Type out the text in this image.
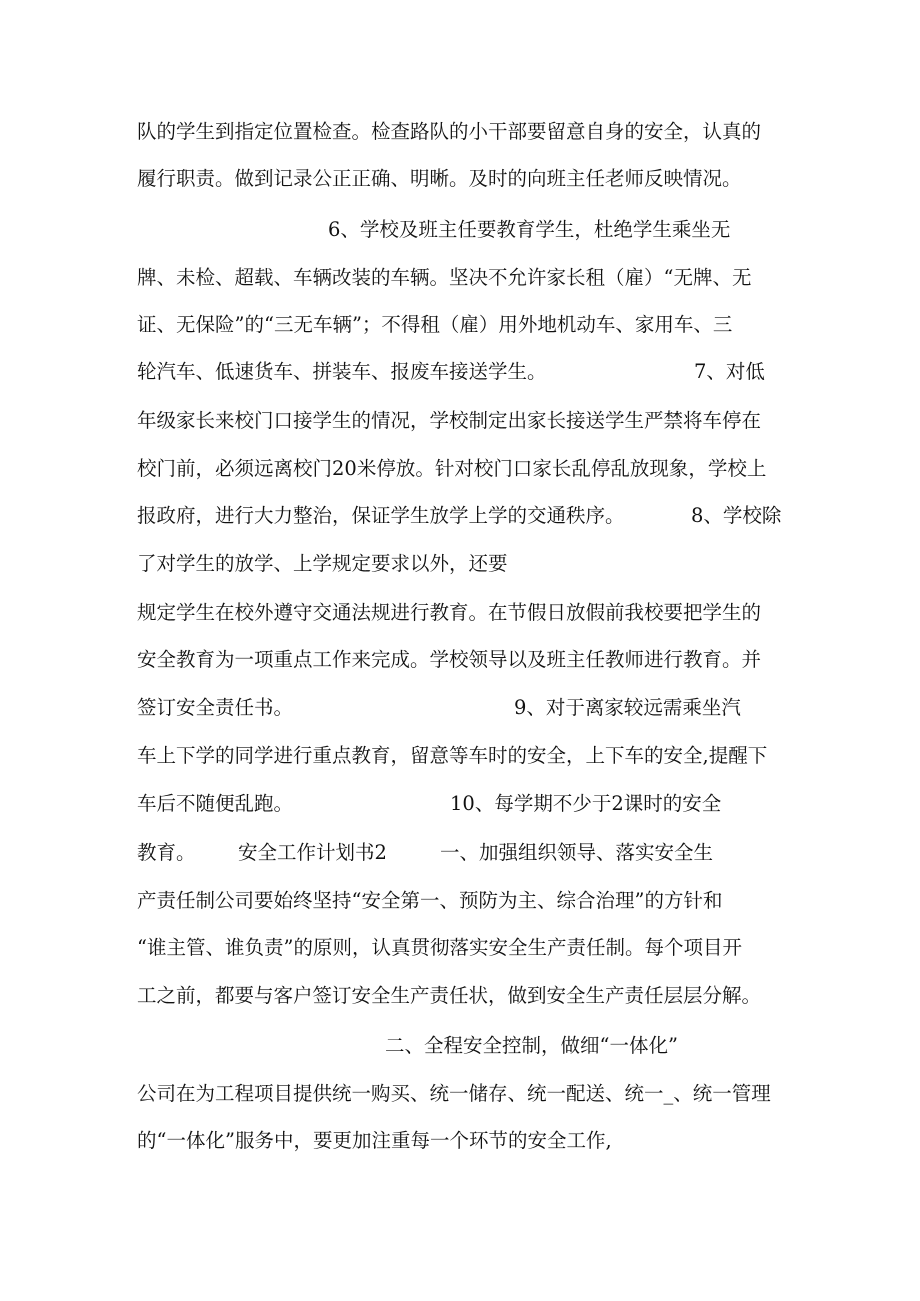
队的学生到指定位置检查。检查路队的小干部要留意自身的安全，认真的

履行职责。做到记录公正正确、明晰。及时的向班主任老师反映情况。

6、学校及班主任要教育学生，杜绝学生乘坐无

牌、未检、超载、车辆改装的车辆。坚决不允许家长租（雇）“无牌、无

证、无保险”的“三无车辆”；不得租（雇）用外地机动车、家用车、三

轮汽车、低速货车、拼装车、报废车接送学生。	7、对低

年级家长来校门口接学生的情况，学校制定出家长接送学生严禁将车停在

校门前，必须远离校门20米停放。针对校门口家长乱停乱放现象，学校上

报政府，进行大力整治，保证学生放学上学的交通秩序。	8、学校除

了对学生的放学、上学规定要求以外，还要

规定学生在校外遵守交通法规进行教育。在节假日放假前我校要把学生的

安全教育为一项重点工作来完成。学校领导以及班主任教师进行教育。并

签订安全责任书。	9、对于离家较远需乘坐汽

车上下学的同学进行重点教育，留意等车时的安全，上下车的安全,提醒下

车后不随便乱跑。	10、每学期不少于2课时的安全

教育。 安全工作计划书2	一、加强组织领导、落实安全生

产责任制公司要始终坚持“安全第一、预防为主、综合治理”的方针和

“谁主管、谁负责”的原则，认真贯彻落实安全生产责任制。每个项目开

工之前，都要与客户签订安全生产责任状，做到安全生产责任层层分解。

二、全程安全控制，做细“一体化”

公司在为工程项目提供统一购买、统一储存、统一配送、统一_、统一管理

的“一体化”服务中，要更加注重每一个环节的安全工作,
